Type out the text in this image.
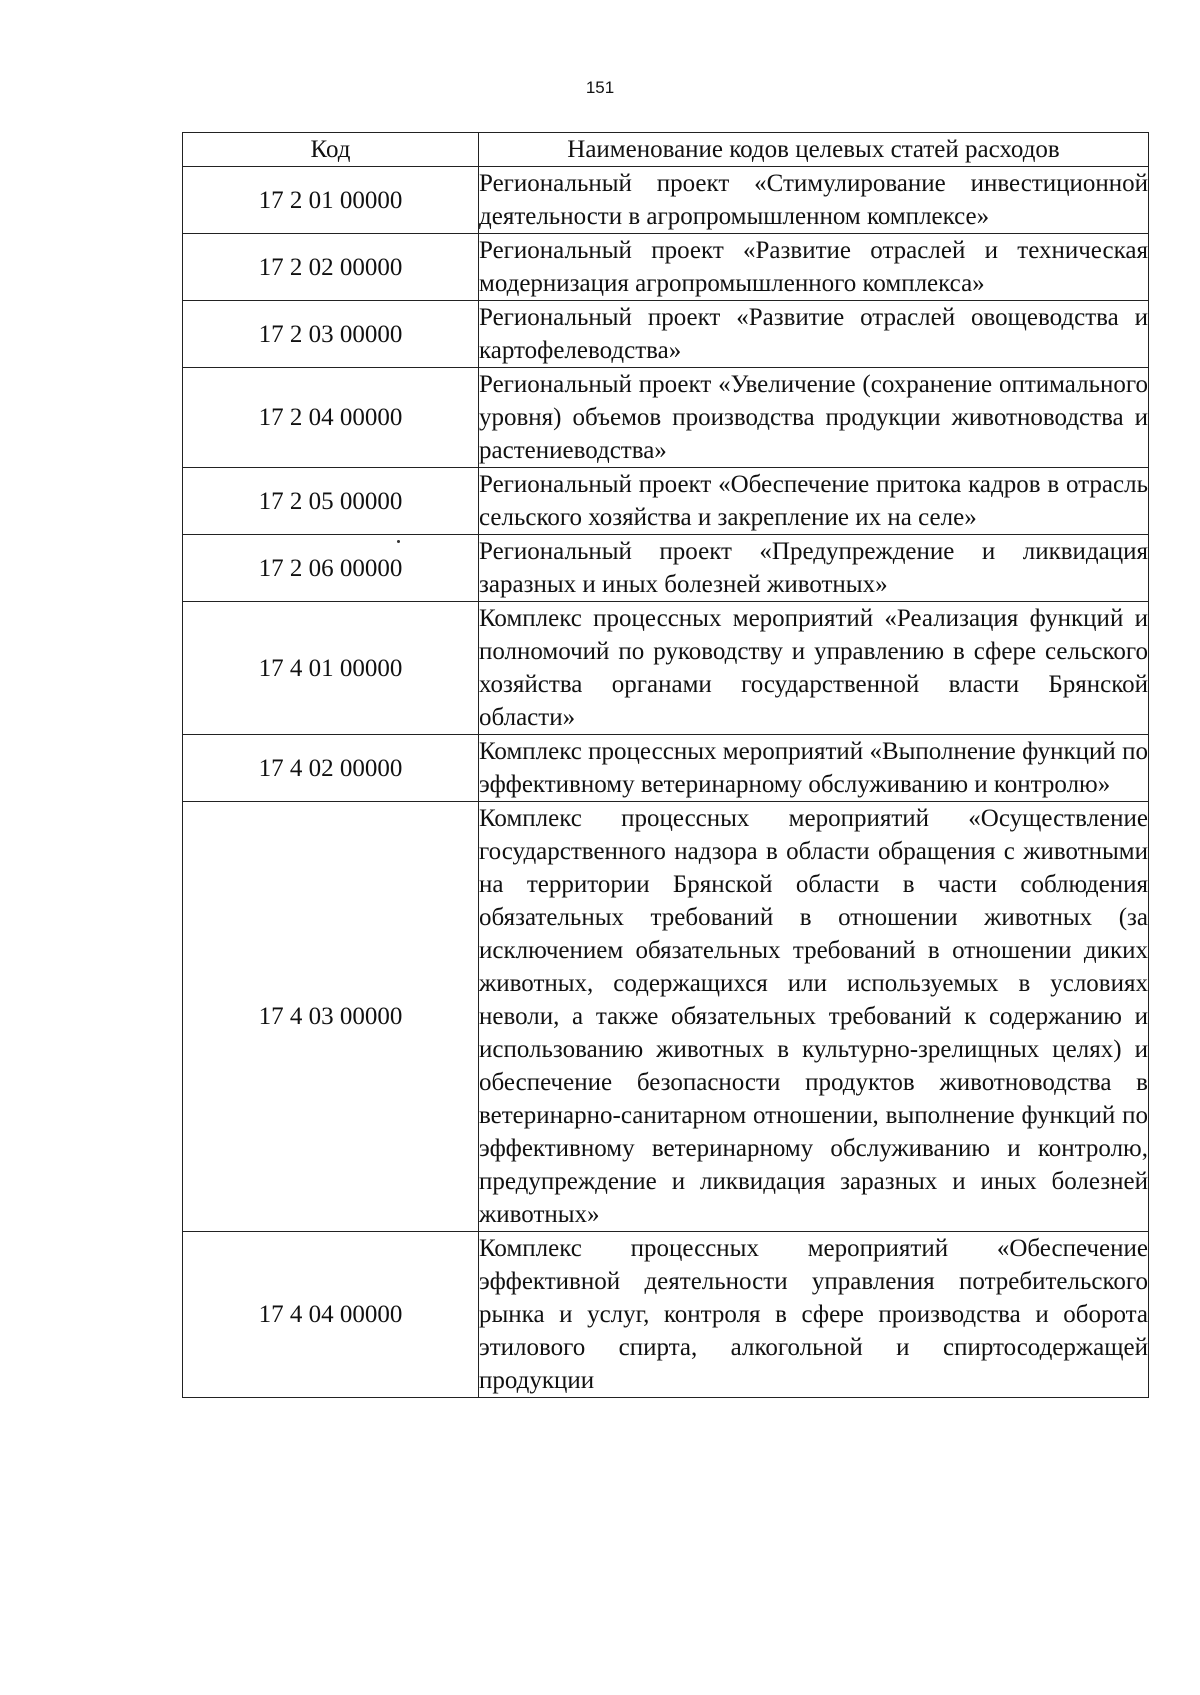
151
Код	Наименование кодов целевых статей расходов
17 2 01 00000	Региональный проект «Стимулирование инвестиционной деятельности в агропромышленном комплексе»
17 2 02 00000	Региональный проект «Развитие отраслей и техническая модернизация агропромышленного комплекса»
17 2 03 00000	Региональный проект «Развитие отраслей овощеводства и картофелеводства»
17 2 04 00000	Региональный проект «Увеличение (сохранение оптимального уровня) объемов производства продукции животноводства и растениеводства»
17 2 05 00000	Региональный проект «Обеспечение притока кадров в отрасль сельского хозяйства и закрепление их на селе»
17 2 06 00000	Региональный проект «Предупреждение и ликвидация заразных и иных болезней животных»
17 4 01 00000	Комплекс процессных мероприятий «Реализация функций и полномочий по руководству и управлению в сфере сельского хозяйства органами государственной власти Брянской области»
17 4 02 00000	Комплекс процессных мероприятий «Выполнение функций по эффективному ветеринарному обслуживанию и контролю»
17 4 03 00000	Комплекс процессных мероприятий «Осуществление государственного надзора в области обращения с животными на территории Брянской области в части соблюдения обязательных требований в отношении животных (за исключением обязательных требований в отношении диких животных, содержащихся или используемых в условиях неволи, а также обязательных требований к содержанию и использованию животных в культурно-зрелищных целях) и обеспечение безопасности продуктов животноводства в ветеринарно-санитарном отношении, выполнение функций по эффективному ветеринарному обслуживанию и контролю, предупреждение и ликвидация заразных и иных болезней животных»
17 4 04 00000	Комплекс процессных мероприятий «Обеспечение эффективной деятельности управления потребительского рынка и услуг, контроля в сфере производства и оборота этилового спирта, алкогольной и спиртосодержащей продукции
